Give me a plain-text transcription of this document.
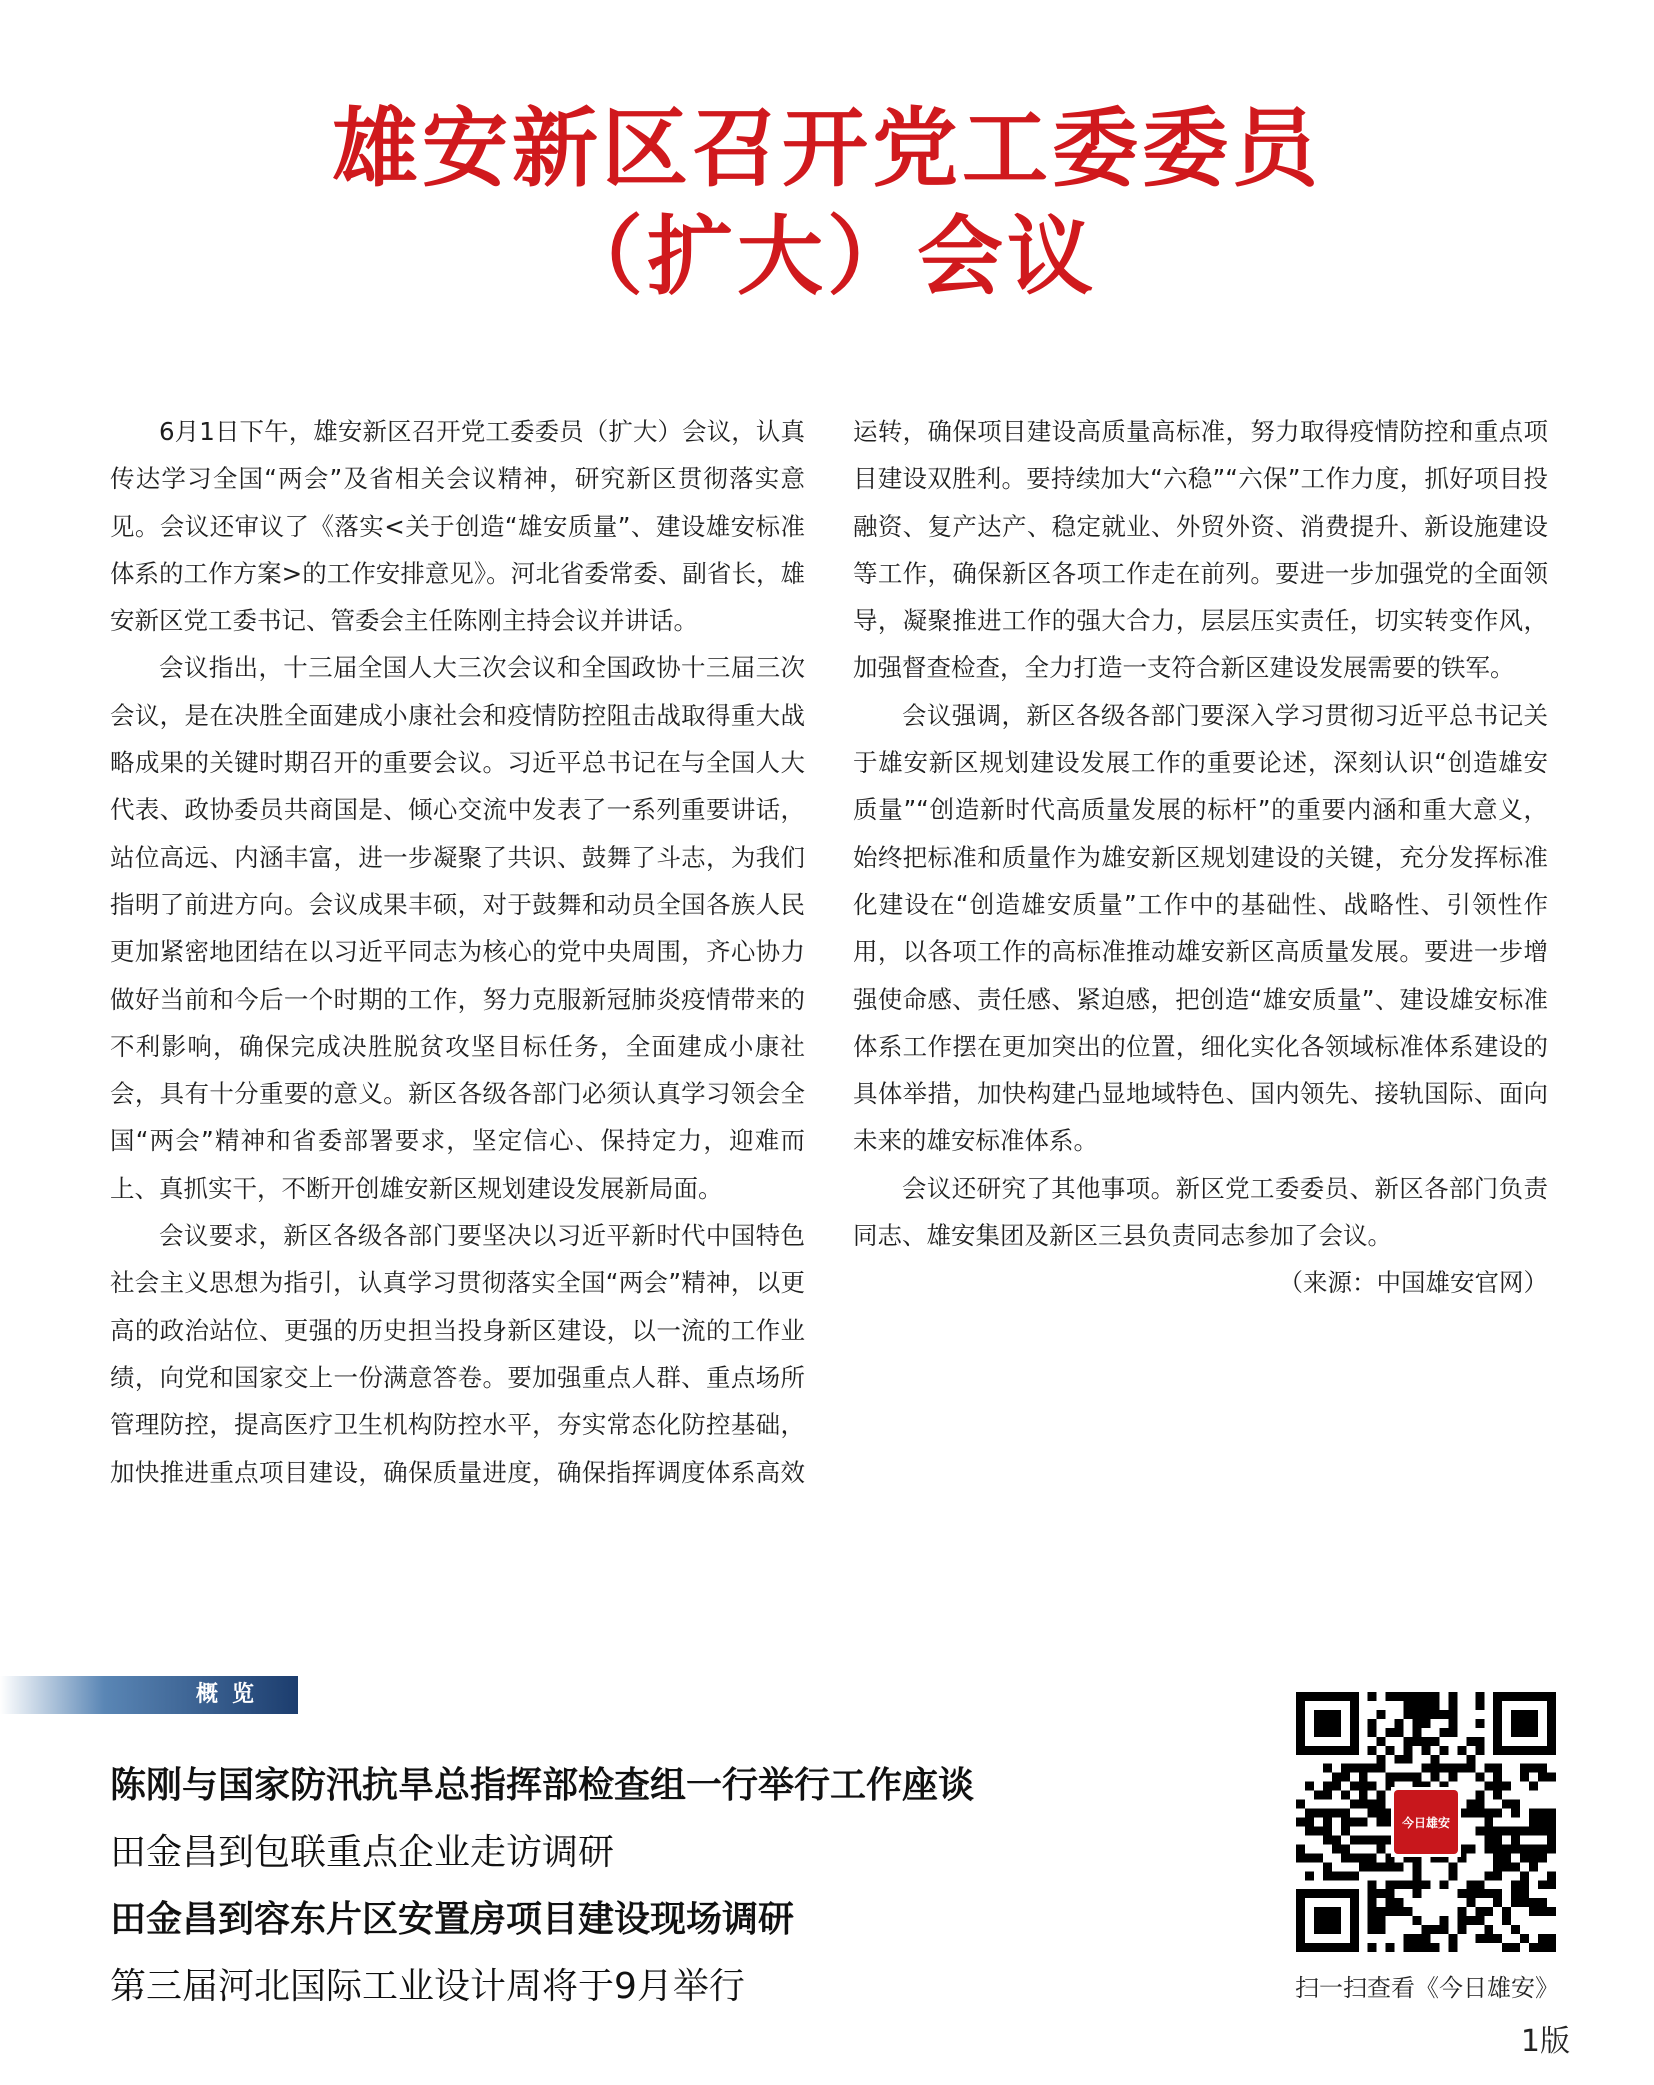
雄安新区召开党工委委员
（扩大）会议

6月1日下午，雄安新区召开党工委委员（扩大）会议，认真传达学习全国“两会”及省相关会议精神，研究新区贯彻落实意见。会议还审议了《落实<关于创造“雄安质量”、建设雄安标准体系的工作方案>的工作安排意见》。河北省委常委、副省长，雄安新区党工委书记、管委会主任陈刚主持会议并讲话。

会议指出，十三届全国人大三次会议和全国政协十三届三次会议，是在决胜全面建成小康社会和疫情防控阻击战取得重大战略成果的关键时期召开的重要会议。习近平总书记在与全国人大代表、政协委员共商国是、倾心交流中发表了一系列重要讲话，站位高远、内涵丰富，进一步凝聚了共识、鼓舞了斗志，为我们指明了前进方向。会议成果丰硕，对于鼓舞和动员全国各族人民更加紧密地团结在以习近平同志为核心的党中央周围，齐心协力做好当前和今后一个时期的工作，努力克服新冠肺炎疫情带来的不利影响，确保完成决胜脱贫攻坚目标任务，全面建成小康社会，具有十分重要的意义。新区各级各部门必须认真学习领会全国“两会”精神和省委部署要求，坚定信心、保持定力，迎难而上、真抓实干，不断开创雄安新区规划建设发展新局面。

会议要求，新区各级各部门要坚决以习近平新时代中国特色社会主义思想为指引，认真学习贯彻落实全国“两会”精神，以更高的政治站位、更强的历史担当投身新区建设，以一流的工作业绩，向党和国家交上一份满意答卷。要加强重点人群、重点场所管理防控，提高医疗卫生机构防控水平，夯实常态化防控基础，加快推进重点项目建设，确保质量进度，确保指挥调度体系高效运转，确保项目建设高质量高标准，努力取得疫情防控和重点项目建设双胜利。要持续加大“六稳”“六保”工作力度，抓好项目投融资、复产达产、稳定就业、外贸外资、消费提升、新设施建设等工作，确保新区各项工作走在前列。要进一步加强党的全面领导，凝聚推进工作的强大合力，层层压实责任，切实转变作风，加强督查检查，全力打造一支符合新区建设发展需要的铁军。

会议强调，新区各级各部门要深入学习贯彻习近平总书记关于雄安新区规划建设发展工作的重要论述，深刻认识“创造雄安质量”“创造新时代高质量发展的标杆”的重要内涵和重大意义，始终把标准和质量作为雄安新区规划建设的关键，充分发挥标准化建设在“创造雄安质量”工作中的基础性、战略性、引领性作用，以各项工作的高标准推动雄安新区高质量发展。要进一步增强使命感、责任感、紧迫感，把创造“雄安质量”、建设雄安标准体系工作摆在更加突出的位置，细化实化各领域标准体系建设的具体举措，加快构建凸显地域特色、国内领先、接轨国际、面向未来的雄安标准体系。

会议还研究了其他事项。新区党工委委员、新区各部门负责同志、雄安集团及新区三县负责同志参加了会议。

（来源：中国雄安官网）

概览
陈刚与国家防汛抗旱总指挥部检查组一行举行工作座谈
田金昌到包联重点企业走访调研
田金昌到容东片区安置房项目建设现场调研
第三届河北国际工业设计周将于9月举行
今日雄安
扫一扫查看《今日雄安》
1版
